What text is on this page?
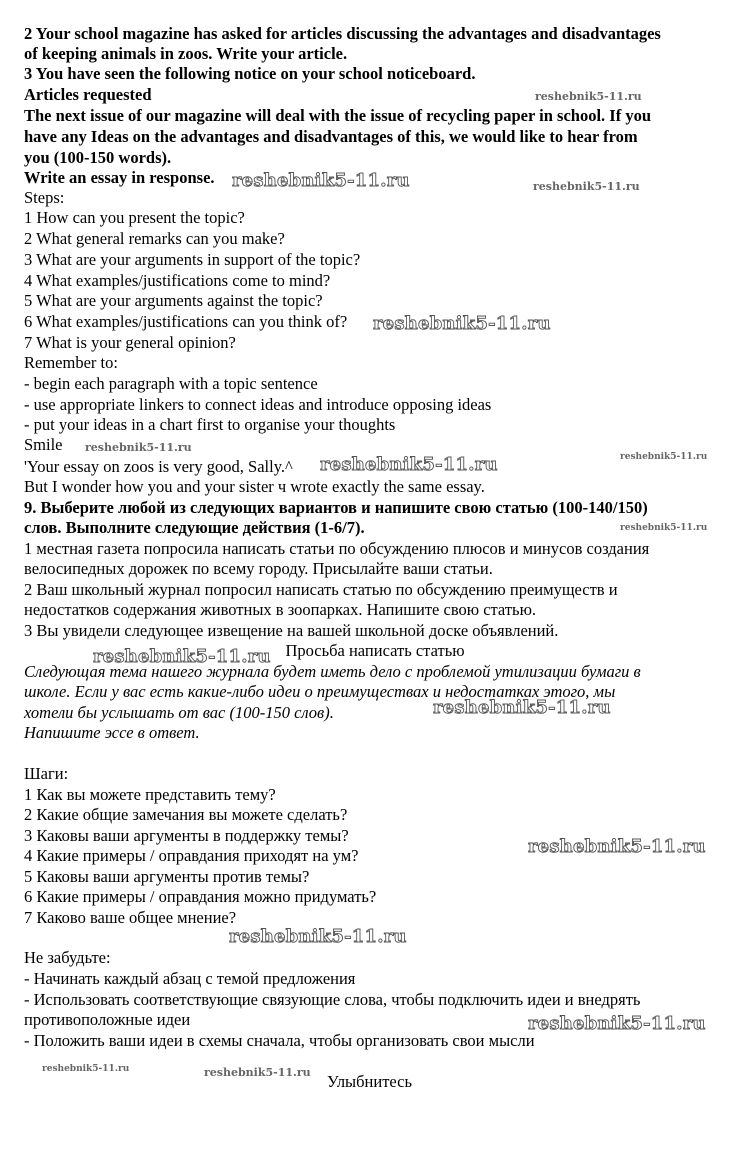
2 Your school magazine has asked for articles discussing the advantages and disadvantages
of keeping animals in zoos. Write your article.
3 You have seen the following notice on your school noticeboard.
Articles requested
The next issue of our magazine will deal with the issue of recycling paper in school. If you
have any Ideas on the advantages and disadvantages of this, we would like to hear from
you (100-150 words).
Write an essay in response.
Steps:
1 How can you present the topic?
2 What general remarks can you make?
3 What are your arguments in support of the topic?
4 What examples/justifications come to mind?
5 What are your arguments against the topic?
6 What examples/justifications can you think of?
7 What is your general opinion?
Remember to:
- begin each paragraph with a topic sentence
- use appropriate linkers to connect ideas and introduce opposing ideas
- put your ideas in a chart first to organise your thoughts
Smile
'Your essay on zoos is very good, Sally.^
But I wonder how you and your sister ч wrote exactly the same essay.
9. Выберите любой из следующих вариантов и напишите свою статью (100-140/150)
слов. Выполните следующие действия (1-6/7).
1 местная газета попросила написать статьи по обсуждению плюсов и минусов создания
велосипедных дорожек по всему городу. Присылайте ваши статьи.
2 Ваш школьный журнал попросил написать статью по обсуждению преимуществ и
недостатков содержания животных в зоопарках. Напишите свою статью.
3 Вы увидели следующее извещение на вашей школьной доске объявлений.
Просьба написать статью
Следующая тема нашего журнала будет иметь дело с проблемой утилизации бумаги в
школе. Если у вас есть какие-либо идеи о преимуществах и недостатках этого, мы
хотели бы услышать от вас (100-150 слов).
Напишите эссе в ответ.
Шаги:
1 Как вы можете представить тему?
2 Какие общие замечания вы можете сделать?
3 Каковы ваши аргументы в поддержку темы?
4 Какие примеры / оправдания приходят на ум?
5 Каковы ваши аргументы против темы?
6 Какие примеры / оправдания можно придумать?
7 Каково ваше общее мнение?
Не забудьте:
- Начинать каждый абзац с темой предложения
- Использовать соответствующие связующие слова, чтобы подключить идеи и внедрять
противоположные идеи
- Положить ваши идеи в схемы сначала, чтобы организовать свои мысли
Улыбнитесь
reshebnik5-11.ru
reshebnik5-11.ru	reshebnik5-11.ru
reshebnik5-11.ru
reshebnik5-11.ru
reshebnik5-11.ru	reshebnik5-11.ru
reshebnik5-11.ru
reshebnik5-11.ru
reshebnik5-11.ru
reshebnik5-11.ru
reshebnik5-11.ru
reshebnik5-11.ru
reshebnik5-11.ru	reshebnik5-11.ru
